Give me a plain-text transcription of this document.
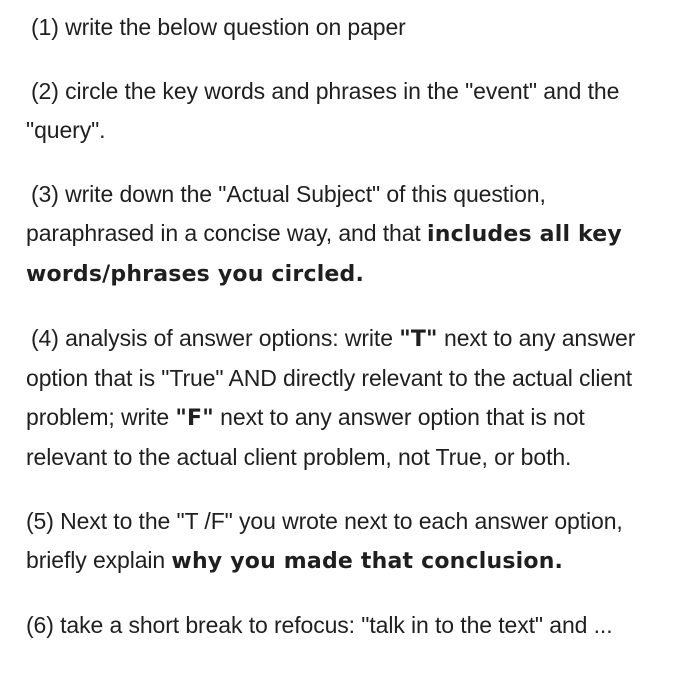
(1) write the below question on paper

(2) circle the key words and phrases in the "event" and the "query".

(3) write down the "Actual Subject" of this question, paraphrased in a concise way, and that includes all key words/phrases you circled.

(4) analysis of answer options: write "T" next to any answer option that is "True" AND directly relevant to the actual client problem; write "F" next to any answer option that is not relevant to the actual client problem, not True, or both.

(5) Next to the "T /F" you wrote next to each answer option, briefly explain why you made that conclusion.

(6) take a short break to refocus: "talk in to the text" and ...
